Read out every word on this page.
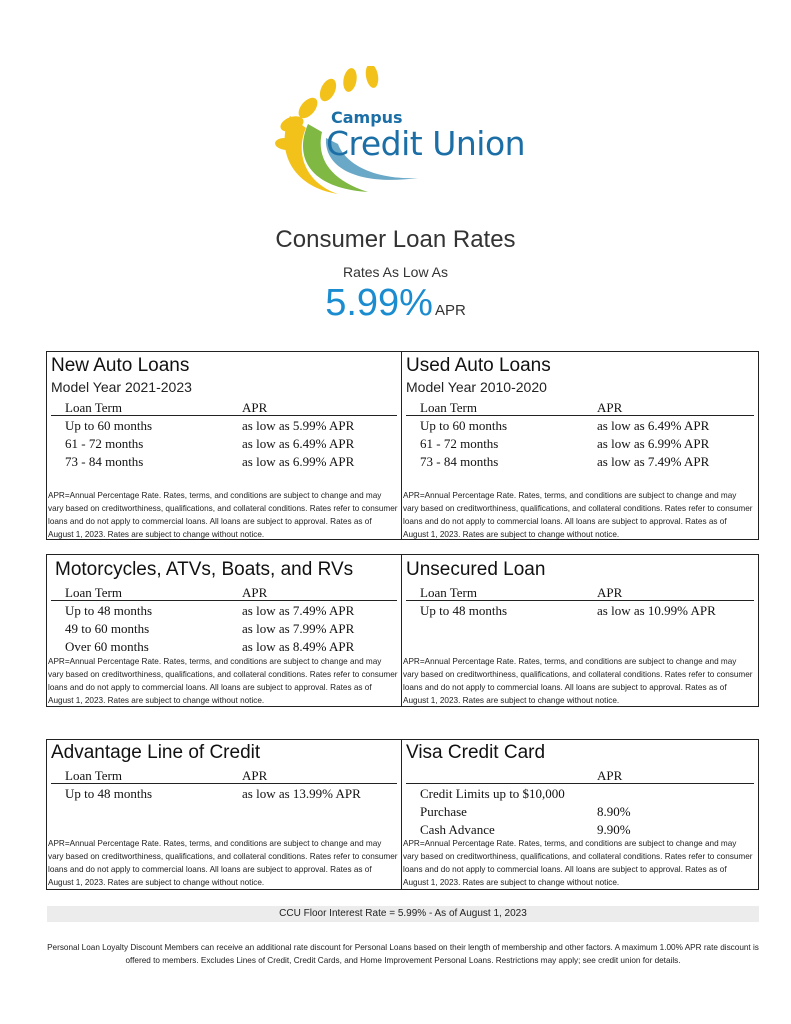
Campus
Credit Union
Consumer Loan Rates
Rates As Low As
5.99% APR
New Auto Loans
Model Year 2021-2023
Loan Term	APR
Up to 60 months	as low as 5.99% APR
61 - 72 months	as low as 6.49% APR
73 - 84 months	as low as 6.99% APR
APR=Annual Percentage Rate. Rates, terms, and conditions are subject to change and may vary based on creditworthiness, qualifications, and collateral conditions. Rates refer to consumer loans and do not apply to commercial loans. All loans are subject to approval. Rates as of August 1, 2023. Rates are subject to change without notice.
Used Auto Loans
Model Year 2010-2020
Loan Term	APR
Up to 60 months	as low as 6.49% APR
61 - 72 months	as low as 6.99% APR
73 - 84 months	as low as 7.49% APR
APR=Annual Percentage Rate. Rates, terms, and conditions are subject to change and may vary based on creditworthiness, qualifications, and collateral conditions. Rates refer to consumer loans and do not apply to commercial loans. All loans are subject to approval. Rates as of August 1, 2023. Rates are subject to change without notice.
Motorcycles, ATVs, Boats, and RVs
Loan Term	APR
Up to 48 months	as low as 7.49% APR
49 to 60 months	as low as 7.99% APR
Over 60 months	as low as 8.49% APR
APR=Annual Percentage Rate. Rates, terms, and conditions are subject to change and may vary based on creditworthiness, qualifications, and collateral conditions. Rates refer to consumer loans and do not apply to commercial loans. All loans are subject to approval. Rates as of August 1, 2023. Rates are subject to change without notice.
Unsecured Loan
Loan Term	APR
Up to 48 months	as low as 10.99% APR
APR=Annual Percentage Rate. Rates, terms, and conditions are subject to change and may vary based on creditworthiness, qualifications, and collateral conditions. Rates refer to consumer loans and do not apply to commercial loans. All loans are subject to approval. Rates as of August 1, 2023. Rates are subject to change without notice.
Advantage Line of Credit
Loan Term	APR
Up to 48 months	as low as 13.99% APR
APR=Annual Percentage Rate. Rates, terms, and conditions are subject to change and may vary based on creditworthiness, qualifications, and collateral conditions. Rates refer to consumer loans and do not apply to commercial loans. All loans are subject to approval. Rates as of August 1, 2023. Rates are subject to change without notice.
Visa Credit Card
APR
Credit Limits up to $10,000
Purchase	8.90%
Cash Advance	9.90%
APR=Annual Percentage Rate. Rates, terms, and conditions are subject to change and may vary based on creditworthiness, qualifications, and collateral conditions. Rates refer to consumer loans and do not apply to commercial loans. All loans are subject to approval. Rates as of August 1, 2023. Rates are subject to change without notice.
CCU Floor Interest Rate = 5.99% - As of August 1, 2023
Personal Loan Loyalty Discount Members can receive an additional rate discount for Personal Loans based on their length of membership and other factors. A maximum 1.00% APR rate discount is offered to members. Excludes Lines of Credit, Credit Cards, and Home Improvement Personal Loans. Restrictions may apply; see credit union for details.
